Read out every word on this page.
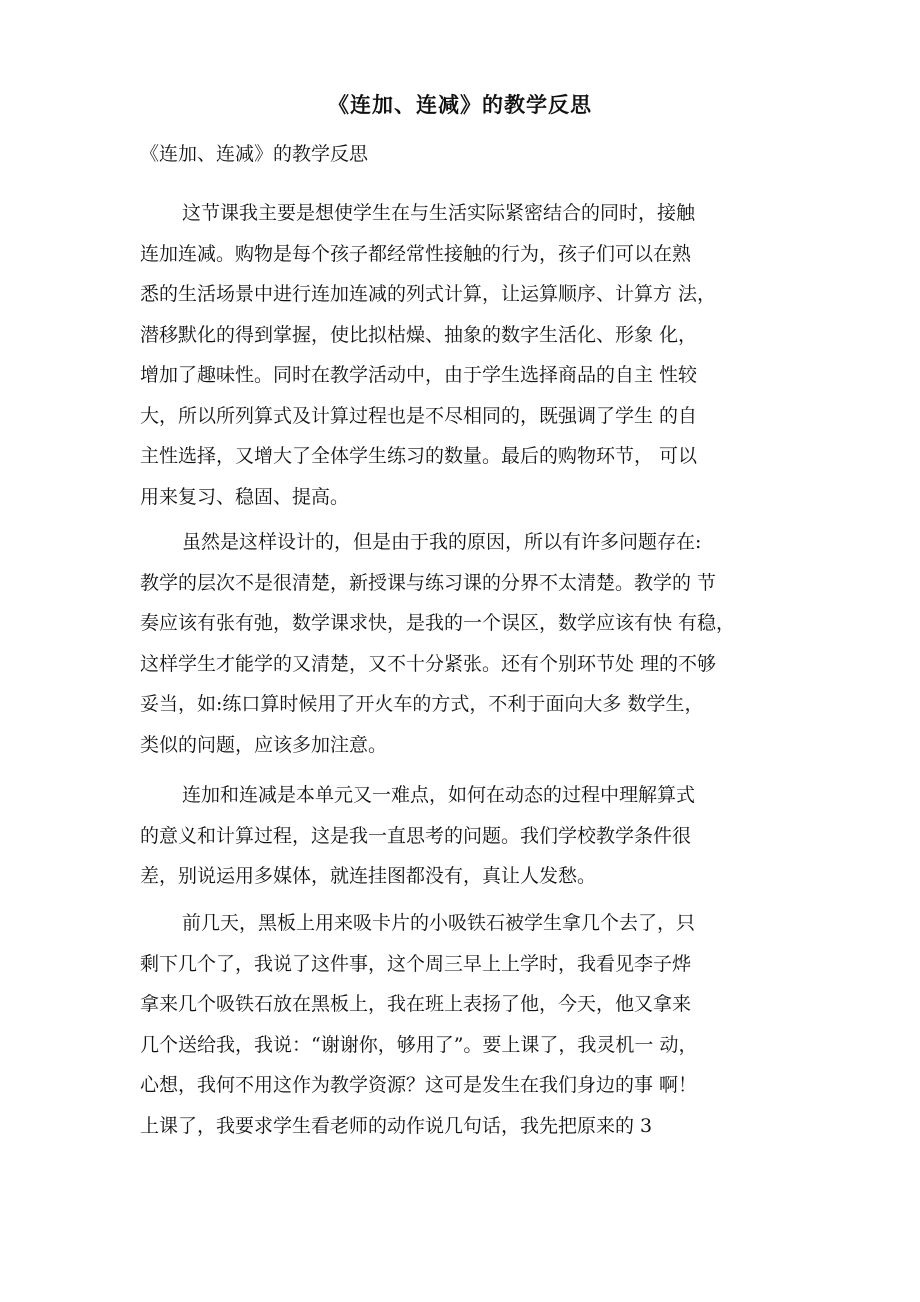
《连加、连减》的教学反思
《连加、连减》的教学反思
这节课我主要是想使学生在与生活实际紧密结合的同时，接触
连加连减。购物是每个孩子都经常性接触的行为，孩子们可以在熟
悉的生活场景中进行连加连减的列式计算，让运算顺序、计算方 法，
潜移默化的得到掌握，使比拟枯燥、抽象的数字生活化、形象 化，
增加了趣味性。同时在教学活动中，由于学生选择商品的自主 性较
大，所以所列算式及计算过程也是不尽相同的，既强调了学生 的自
主性选择，又增大了全体学生练习的数量。最后的购物环节， 可以
用来复习、稳固、提高。
虽然是这样设计的，但是由于我的原因，所以有许多问题存在:
教学的层次不是很清楚，新授课与练习课的分界不太清楚。教学的 节
奏应该有张有弛，数学课求快，是我的一个误区，数学应该有快 有稳，
这样学生才能学的又清楚，又不十分紧张。还有个别环节处 理的不够
妥当，如:练口算时候用了开火车的方式，不利于面向大多 数学生，
类似的问题，应该多加注意。
连加和连减是本单元又一难点，如何在动态的过程中理解算式
的意义和计算过程，这是我一直思考的问题。我们学校教学条件很
差，别说运用多媒体，就连挂图都没有，真让人发愁。
前几天，黑板上用来吸卡片的小吸铁石被学生拿几个去了，只
剩下几个了，我说了这件事，这个周三早上上学时，我看见李子烨
拿来几个吸铁石放在黑板上，我在班上表扬了他，今天，他又拿来
几个送给我，我说：“谢谢你，够用了”。要上课了，我灵机一 动，
心想，我何不用这作为教学资源？这可是发生在我们身边的事 啊！
上课了，我要求学生看老师的动作说几句话，我先把原来的 3
